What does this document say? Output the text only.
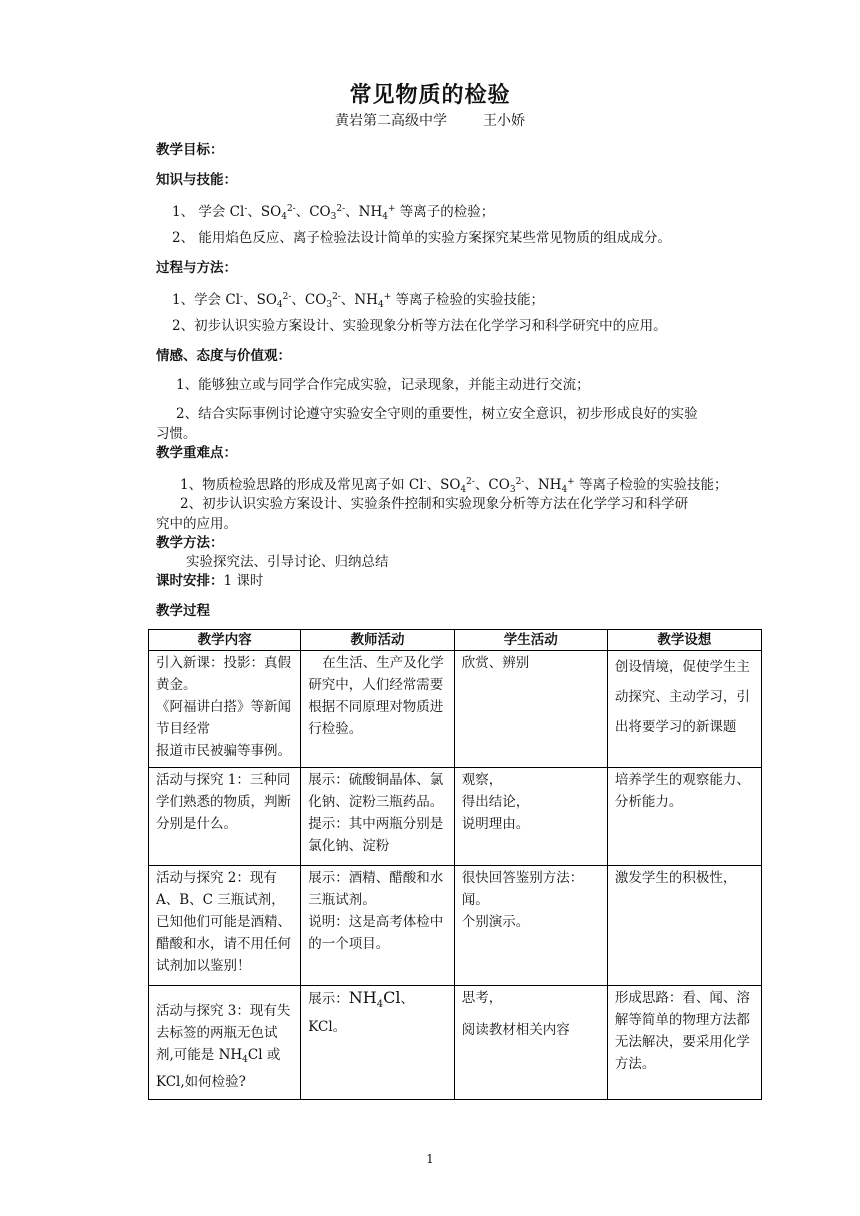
常见物质的检验
黄岩第二高级中学	王小娇
教学目标：
知识与技能：
1、 学会 Cl-、$SO_4^{2-}$、$CO_3^{2-}$、$NH_4^+$ 等离子的检验；
2、 能用焰色反应、离子检验法设计简单的实验方案探究某些常见物质的组成成分。
过程与方法：
1、学会 Cl-、$SO_4^{2-}$、$CO_3^{2-}$、$NH_4^+$ 等离子检验的实验技能；
2、初步认识实验方案设计、实验现象分析等方法在化学学习和科学研究中的应用。
情感、态度与价值观：
1、能够独立或与同学合作完成实验，记录现象，并能主动进行交流；
2、结合实际事例讨论遵守实验安全守则的重要性，树立安全意识，初步形成良好的实验
习惯。
教学重难点：
1、物质检验思路的形成及常见离子如 Cl-、$SO_4^{2-}$、$CO_3^{2-}$、$NH_4^+$ 等离子检验的实验技能；
2、初步认识实验方案设计、实验条件控制和实验现象分析等方法在化学学习和科学研
究中的应用。
教学方法：
实验探究法、引导讨论、归纳总结
课时安排：1 课时
教学过程
教学内容	教师活动	学生活动	教学设想

引入新课：投影：真假黄金。
《阿福讲白搭》等新闻节目经常
报道市民被骗等事例。	在生活、生产及化学研究中，人们经常需要根据不同原理对物质进行检验。	欣赏、辨别	创设情境，促使学生主动探究、主动学习，引出将要学习的新课题

活动与探究 1：三种同学们熟悉的物质，判断分别是什么。	展示：硫酸铜晶体、氯化钠、淀粉三瓶药品。
提示：其中两瓶分别是氯化钠、淀粉	观察，
得出结论，
说明理由。	培养学生的观察能力、分析能力。

活动与探究 2：现有 A、B、C 三瓶试剂，已知他们可能是酒精、醋酸和水，请不用任何试剂加以鉴别！	展示：酒精、醋酸和水三瓶试剂。
说明：这是高考体检中的一个项目。	很快回答鉴别方法：闻。
个别演示。	激发学生的积极性，

活动与探究 3：现有失去标签的两瓶无色试剂,可能是 $NH_4Cl$ 或 KCl,如何检验?	展示：$NH_4Cl$、KCl。	思考，
阅读教材相关内容	形成思路：看、闻、溶解等简单的物理方法都无法解决，要采用化学方法。
1
